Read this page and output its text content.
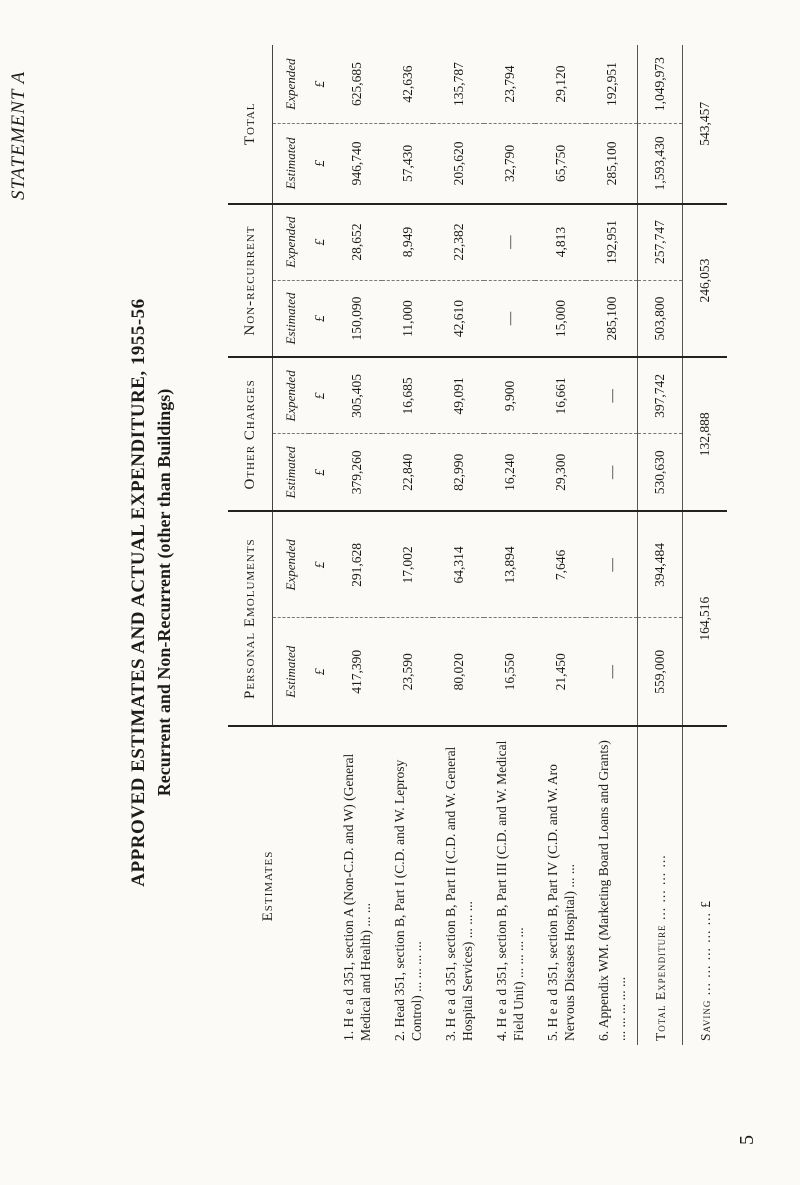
STATEMENT A
APPROVED ESTIMATES AND ACTUAL EXPENDITURE, 1955-56 Recurrent and Non-Recurrent (other than Buildings)
Estimates	Personal Emoluments		Other Charges		Non-recurrent		Total	
	Estimated	Expended	Estimated	Expended	Estimated	Expended	Estimated	Expended
	£	£	£	£	£	£	£	£
1. H e a d 351, section A (Non-C.D. and W) (General Medical and Health) ... ...	417,390	291,628	379,260	305,405	150,090	28,652	946,740	625,685
2. Head 351, section B, Part I (C.D. and W. Leprosy Control) ... ... ... ...	23,590	17,002	22,840	16,685	11,000	8,949	57,430	42,636
3. H e a d 351, section B, Part II (C.D. and W. General Hospital Services) ... ... ...	80,020	64,314	82,990	49,091	42,610	22,382	205,620	135,787
4. H e a d 351, section B, Part III (C.D. and W. Medical Field Unit) ... ... ... ...	16,550	13,894	16,240	9,900	—	—	32,790	23,794
5. H e a d 351, section B, Part IV (C.D. and W. Aro Nervous Diseases Hospital) ... ...	21,450	7,646	29,300	16,661	15,000	4,813	65,750	29,120
6. Appendix WM. (Marketing Board Loans and Grants) ... ... ... ... ...	—	—	—	—	285,100	192,951	285,100	192,951
Total Expenditure ... ... ... ...	559,000	394,484	530,630	397,742	503,800	257,747	1,593,430	1,049,973
Saving ... ... ... ... ... £	164,516		132,888		246,053		543,457	
5
